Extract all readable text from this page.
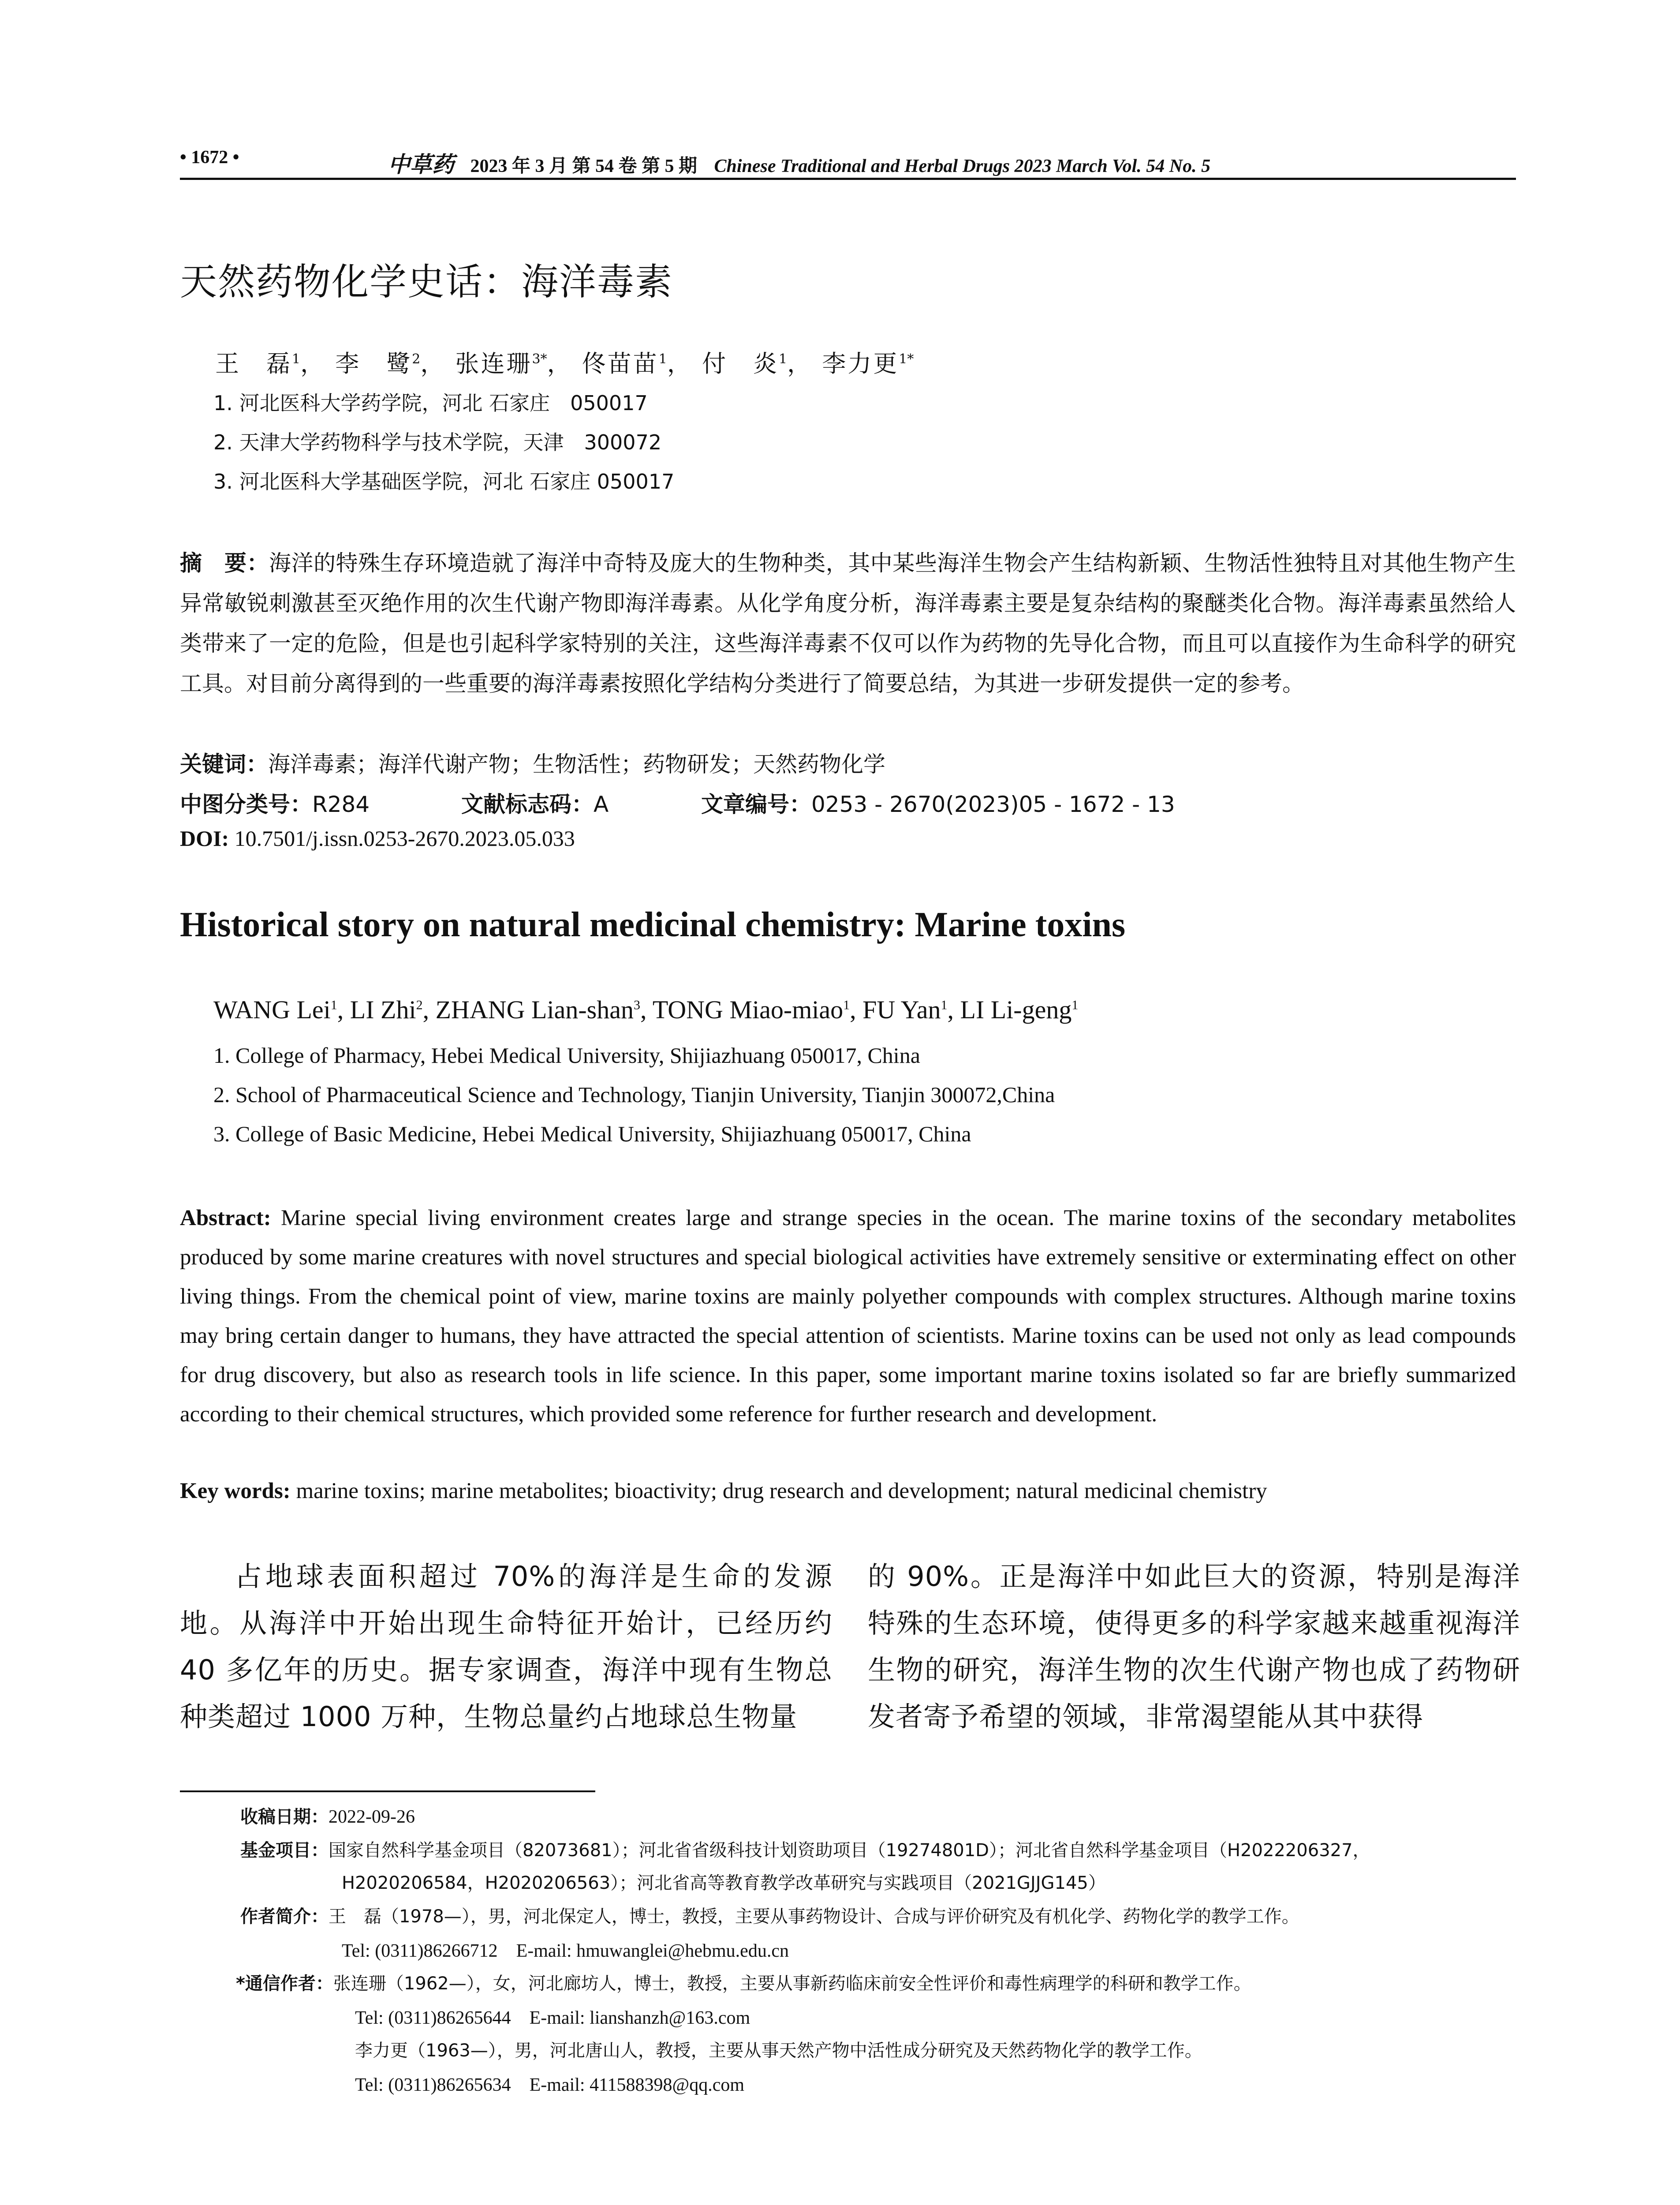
• 1672 •	中草药 2023 年 3 月 第 54 卷 第 5 期 Chinese Traditional and Herbal Drugs 2023 March Vol. 54 No. 5
天然药物化学史话：海洋毒素
王　磊$^1$， 李　鹭$^2$， 张连珊$^{3*}$， 佟苗苗$^1$， 付　炎$^1$， 李力更$^{1*}$
1. 河北医科大学药学院，河北 石家庄　050017
2. 天津大学药物科学与技术学院，天津　300072
3. 河北医科大学基础医学院，河北 石家庄 050017
摘　要：海洋的特殊生存环境造就了海洋中奇特及庞大的生物种类，其中某些海洋生物会产生结构新颖、生物活性独特且对其他生物产生异常敏锐刺激甚至灭绝作用的次生代谢产物即海洋毒素。从化学角度分析，海洋毒素主要是复杂结构的聚醚类化合物。海洋毒素虽然给人类带来了一定的危险，但是也引起科学家特别的关注，这些海洋毒素不仅可以作为药物的先导化合物，而且可以直接作为生命科学的研究工具。对目前分离得到的一些重要的海洋毒素按照化学结构分类进行了简要总结，为其进一步研发提供一定的参考。
关键词：海洋毒素；海洋代谢产物；生物活性；药物研发；天然药物化学
中图分类号：R284	文献标志码：A	文章编号：0253 - 2670(2023)05 - 1672 - 13
DOI: 10.7501/j.issn.0253-2670.2023.05.033
Historical story on natural medicinal chemistry: Marine toxins
WANG Lei$^1$, LI Zhi$^2$, ZHANG Lian-shan$^3$, TONG Miao-miao$^1$, FU Yan$^1$, LI Li-geng$^1$
1. College of Pharmacy, Hebei Medical University, Shijiazhuang 050017, China
2. School of Pharmaceutical Science and Technology, Tianjin University, Tianjin 300072,China
3. College of Basic Medicine, Hebei Medical University, Shijiazhuang 050017, China
Abstract: Marine special living environment creates large and strange species in the ocean. The marine toxins of the secondary metabolites produced by some marine creatures with novel structures and special biological activities have extremely sensitive or exterminating effect on other living things. From the chemical point of view, marine toxins are mainly polyether compounds with complex structures. Although marine toxins may bring certain danger to humans, they have attracted the special attention of scientists. Marine toxins can be used not only as lead compounds for drug discovery, but also as research tools in life science. In this paper, some important marine toxins isolated so far are briefly summarized according to their chemical structures, which provided some reference for further research and development.
Key words: marine toxins; marine metabolites; bioactivity; drug research and development; natural medicinal chemistry
占地球表面积超过 70%的海洋是生命的发源地。从海洋中开始出现生命特征开始计，已经历约 40 多亿年的历史。据专家调查，海洋中现有生物总种类超过 1000 万种，生物总量约占地球总生物量
的 90%。正是海洋中如此巨大的资源，特别是海洋特殊的生态环境，使得更多的科学家越来越重视海洋生物的研究，海洋生物的次生代谢产物也成了药物研发者寄予希望的领域，非常渴望能从其中获得
收稿日期：2022-09-26
基金项目：国家自然科学基金项目（82073681）；河北省省级科技计划资助项目（19274801D）；河北省自然科学基金项目（H2022206327，
H2020206584，H2020206563）；河北省高等教育教学改革研究与实践项目（2021GJJG145）
作者简介：王　磊（1978—），男，河北保定人，博士，教授，主要从事药物设计、合成与评价研究及有机化学、药物化学的教学工作。
Tel: (0311)86266712　E-mail: hmuwanglei@hebmu.edu.cn
*通信作者：张连珊（1962—），女，河北廊坊人，博士，教授，主要从事新药临床前安全性评价和毒性病理学的科研和教学工作。
Tel: (0311)86265644　E-mail: lianshanzh@163.com
李力更（1963—），男，河北唐山人，教授，主要从事天然产物中活性成分研究及天然药物化学的教学工作。
Tel: (0311)86265634　E-mail: 411588398@qq.com
